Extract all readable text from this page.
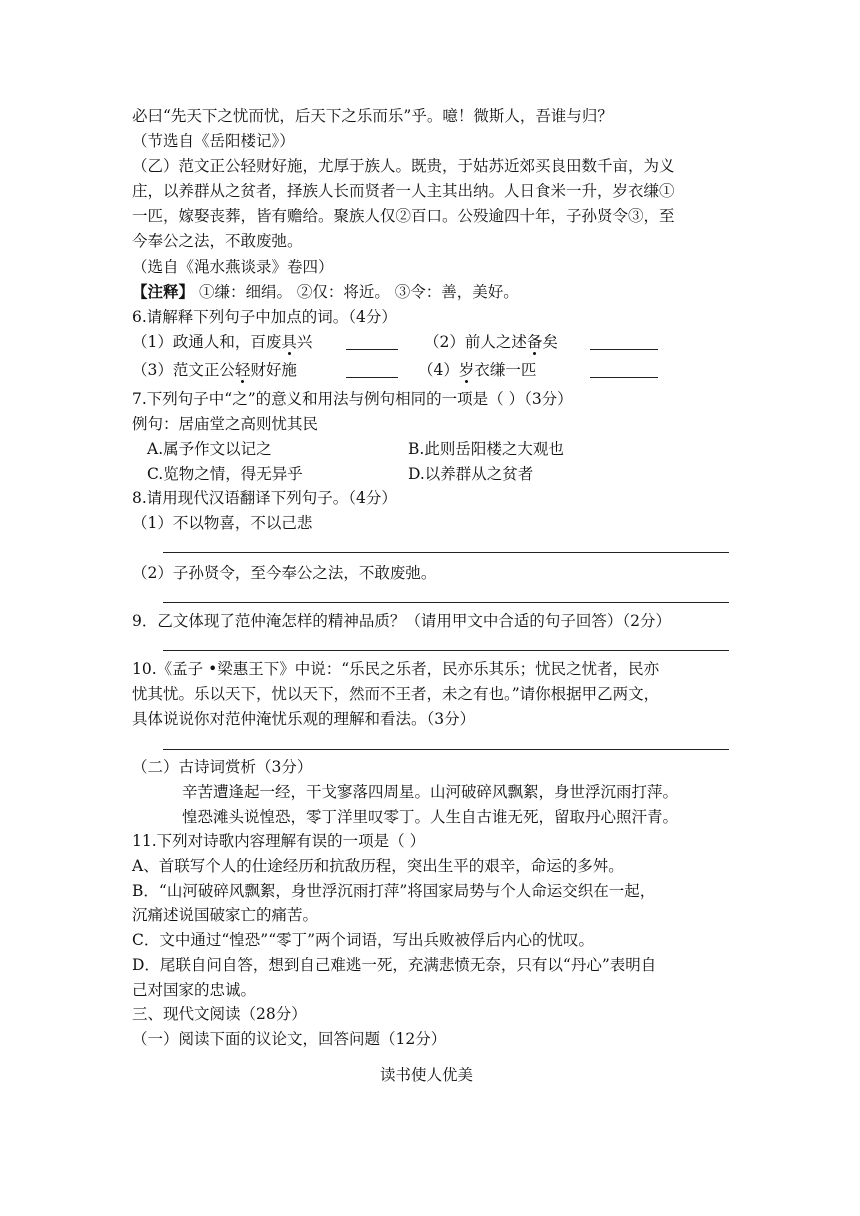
必曰“先天下之忧而忧，后天下之乐而乐”乎。噫！微斯人，吾谁与归？
（节选自《岳阳楼记》）
（乙）范文正公轻财好施，尤厚于族人。既贵，于姑苏近郊买良田数千亩，为义
庄，以养群从之贫者，择族人长而贤者一人主其出纳。人日食米一升，岁衣缣①
一匹，嫁娶丧葬，皆有赡给。聚族人仅②百口。公殁逾四十年，子孙贤令③，至
今奉公之法，不敢废弛。
（选自《渑水燕谈录》卷四）
【注释】 ①缣：细绢。 ②仅：将近。 ③令：善，美好。
6.请解释下列句子中加点的词。（4分）
（1）政通人和，百废具兴	（2）前人之述备矣
（3）范文正公轻财好施	（4）岁衣缣一匹
7.下列句子中“之”的意义和用法与例句相同的一项是（ ）（3分）
例句：居庙堂之高则忧其民
A.属予作文以记之	B.此则岳阳楼之大观也
C.览物之情，得无异乎	D.以养群从之贫者
8.请用现代汉语翻译下列句子。（4分）
（1）不以物喜，不以己悲
（2）子孙贤令，至今奉公之法，不敢废弛。
9．乙文体现了范仲淹怎样的精神品质？（请用甲文中合适的句子回答）（2分）
10.《孟子 •梁惠王下》中说：“乐民之乐者，民亦乐其乐；忧民之忧者，民亦
忧其忧。乐以天下，忧以天下，然而不王者，未之有也。”请你根据甲乙两文，
具体说说你对范仲淹忧乐观的理解和看法。（3分）
（二）古诗词赏析（3分）
辛苦遭逢起一经，干戈寥落四周星。山河破碎风飘絮，身世浮沉雨打萍。
惶恐滩头说惶恐，零丁洋里叹零丁。人生自古谁无死，留取丹心照汗青。
11.下列对诗歌内容理解有误的一项是（ ）
A、首联写个人的仕途经历和抗敌历程，突出生平的艰辛，命运的多舛。
B．“山河破碎风飘絮，身世浮沉雨打萍”将国家局势与个人命运交织在一起，
沉痛述说国破家亡的痛苦。
C．文中通过“惶恐”“零丁”两个词语，写出兵败被俘后内心的忧叹。
D．尾联自问自答，想到自己难逃一死，充满悲愤无奈，只有以“丹心”表明自
己对国家的忠诚。
三、现代文阅读（28分）
（一）阅读下面的议论文，回答问题（12分）
读书使人优美
